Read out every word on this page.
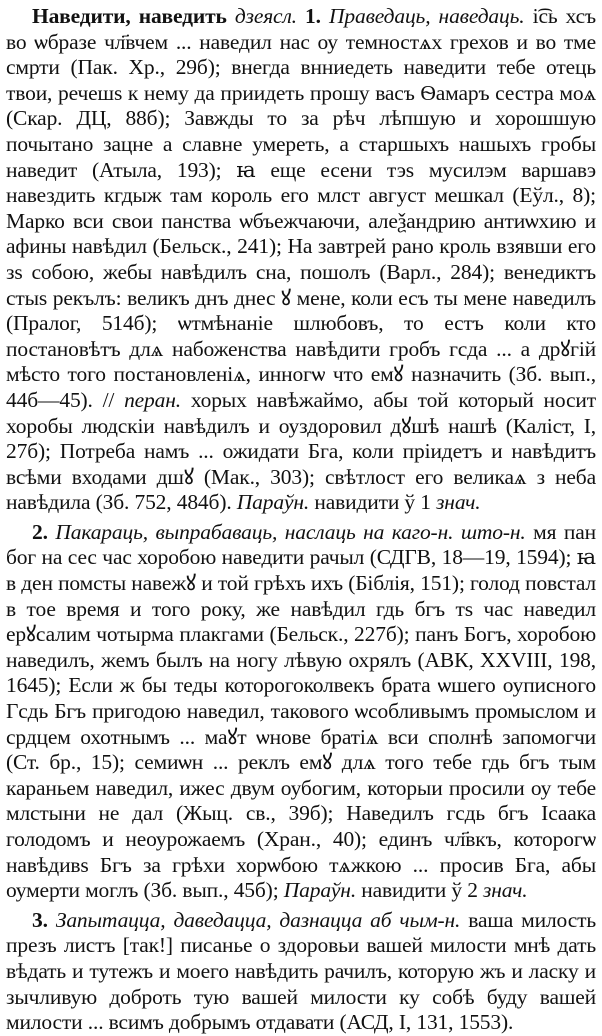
Наведити, наведить дзеясл. 1. Праведаць, наведаць. і͡сь хсъ во ѡбразе чл҃вчем ... наведил нас оу темностѧх грехов и во тме смрти (Пак. Хр., 29б); внегда внниедеть наведити тебе отець твои, речешѕ к нему да приидеть прошу васъ Ѳамаръ сестра моѧ (Скар. ДЦ, 88б); Завжды то за рѣч лѣпшую и хорошшую почытано зацне а славне умереть, а старшыхъ нашыхъ гробы наведит (Атыла, 193); ꙗ еще есени тэѕ мусилэм варшавэ навездить кгдыж там король его млст август мешкал (Еўл., 8); Марко вси свои панства ѡбъежчаючи, алеѯандрию антиѡхию и афины навѣдил (Бельск., 241); На завтрей рано кроль взявши его зѕ собою, жебы навѣдилъ сна, пошолъ (Варл., 284); венедиктъ стыѕ рекълъ: великъ днъ днес ꙋ мене, коли есъ ты мене наведилъ (Пралог, 514б); ѡтмѣнаніе шлюбовъ, то естъ коли кто постановѣтъ длѧ набоженства навѣдити гробъ гсда ... а дрꙋгій мѣсто того постановленіѧ, инногѡ что емꙋ назначить (Зб. вып., 44б—45). // перан. хорых навѣжаймо, абы той который носит хоробы людскіи навѣдилъ и оуздоровил дꙋшѣ нашѣ (Каліст, I, 27б); Потреба намъ ... ожидати Бга, коли пріидетъ и навѣдитъ всѣми входами дшꙋ (Мак., 303); свѣтлост его великаѧ з неба навѣдила (Зб. 752, 484б). Параўн. навидити ў 1 знач.

2. Пакараць, выпрабаваць, наслаць на каго-н. што-н. мя пан бог на сес час хоробою наведити рачыл (СДГВ, 18—19, 1594); ꙗ в ден помсты навежꙋ и той грѣхъ ихъ (Біблія, 151); голод повстал в тое время и того року, же навѣдил гдь бгъ тѕ час наведил ерꙋсалим чотырма плакгами (Бельск., 227б); панъ Богъ, хоробою наведилъ, жемъ былъ на ногу лѣвую охрялъ (АВК, XXVIII, 198, 1645); Если ж бы теды которогоколвекъ брата ѡшего оуписного Гсдь Бгъ пригодою наведил, такового ѡсобливымъ промыслом и срдцем охотнымъ ... маꙋт ѡнове братіѧ вси сполнѣ запомогчи (Ст. бр., 15); семиѡн ... реклъ емꙋ длѧ того тебе гдь бгъ тым караньем наведил, ижес двум оубогим, которыи просили оу тебе млстыни не дал (Жыц. св., 39б); Наведилъ гсдь бгъ Ісаака голодомъ и неоурожаемъ (Хран., 40); единъ чл҃вкъ, которогѡ навѣдивѕ Бгъ за грѣхи хорѡбою тѧжкою ... просив Бга, абы оумерти моглъ (Зб. вып., 45б); Параўн. навидити ў 2 знач.

3. Запытацца, даведацца, дазнацца аб чым-н. ваша милость презъ листъ [так!] писанье о здоровьи вашей милости мнѣ дать вѣдать и тутежъ и моего навѣдить рачилъ, которую жъ и ласку и зычливую доброть тую вашей милости ку собѣ буду вашей милости ... всимъ добрымъ отдавати (АСД, I, 131, 1553).
